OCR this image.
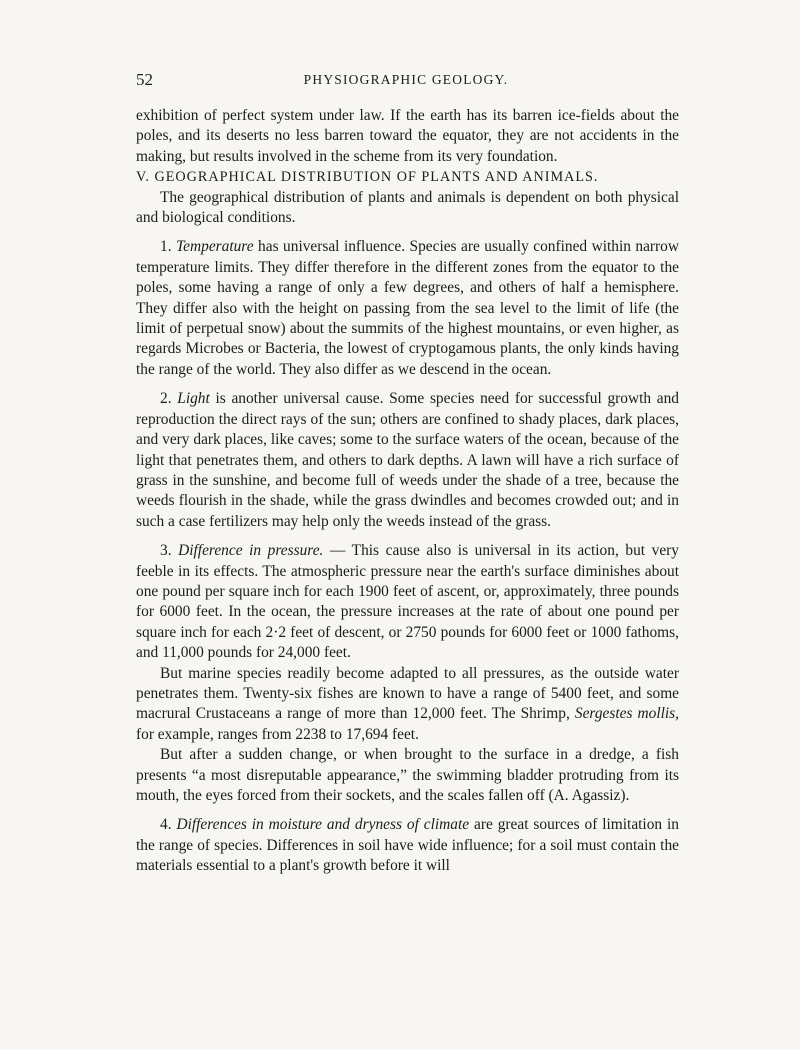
52	PHYSIOGRAPHIC GEOLOGY.

exhibition of perfect system under law. If the earth has its barren ice-fields about the poles, and its deserts no less barren toward the equator, they are not accidents in the making, but results involved in the scheme from its very foundation.

V. GEOGRAPHICAL DISTRIBUTION OF PLANTS AND ANIMALS.

The geographical distribution of plants and animals is dependent on both physical and biological conditions.

1. Temperature has universal influence. Species are usually confined within narrow temperature limits. They differ therefore in the different zones from the equator to the poles, some having a range of only a few degrees, and others of half a hemisphere. They differ also with the height on passing from the sea level to the limit of life (the limit of perpetual snow) about the summits of the highest mountains, or even higher, as regards Microbes or Bacteria, the lowest of cryptogamous plants, the only kinds having the range of the world. They also differ as we descend in the ocean.

2. Light is another universal cause. Some species need for successful growth and reproduction the direct rays of the sun; others are confined to shady places, dark places, and very dark places, like caves; some to the surface waters of the ocean, because of the light that penetrates them, and others to dark depths. A lawn will have a rich surface of grass in the sunshine, and become full of weeds under the shade of a tree, because the weeds flourish in the shade, while the grass dwindles and becomes crowded out; and in such a case fertilizers may help only the weeds instead of the grass.

3. Difference in pressure. — This cause also is universal in its action, but very feeble in its effects. The atmospheric pressure near the earth's surface diminishes about one pound per square inch for each 1900 feet of ascent, or, approximately, three pounds for 6000 feet. In the ocean, the pressure increases at the rate of about one pound per square inch for each 2·2 feet of descent, or 2750 pounds for 6000 feet or 1000 fathoms, and 11,000 pounds for 24,000 feet.

But marine species readily become adapted to all pressures, as the outside water penetrates them. Twenty-six fishes are known to have a range of 5400 feet, and some macrural Crustaceans a range of more than 12,000 feet. The Shrimp, Sergestes mollis, for example, ranges from 2238 to 17,694 feet.

But after a sudden change, or when brought to the surface in a dredge, a fish presents “a most disreputable appearance,” the swimming bladder protruding from its mouth, the eyes forced from their sockets, and the scales fallen off (A. Agassiz).

4. Differences in moisture and dryness of climate are great sources of limitation in the range of species. Differences in soil have wide influence; for a soil must contain the materials essential to a plant's growth before it will
